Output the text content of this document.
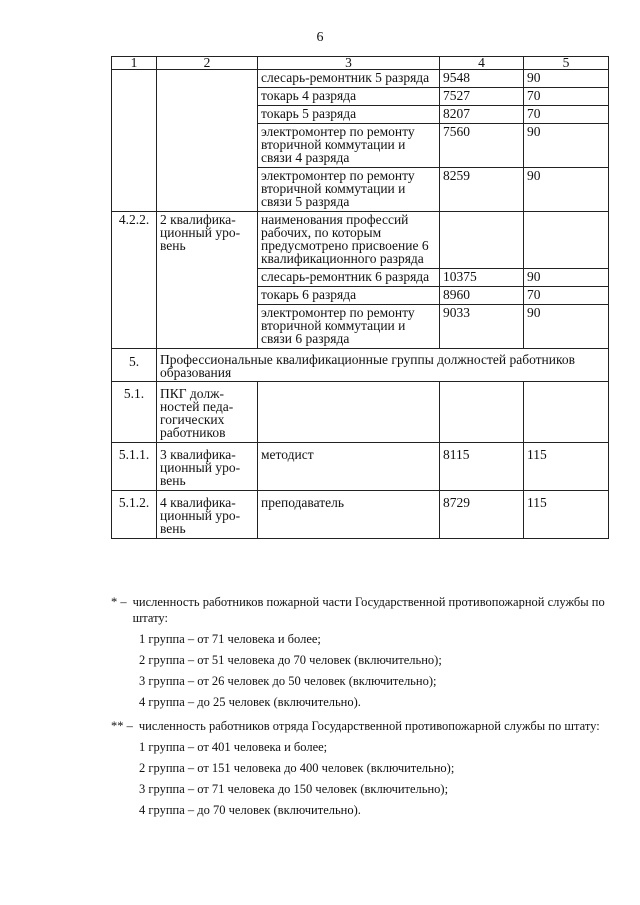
6
1	2	3	4	5
		слесарь-ремонтник 5 разряда	9548	90
		токарь 4 разряда	7527	70
		токарь 5 разряда	8207	70
		электромонтер по ремонту вторичной коммутации и связи 4 разряда	7560	90
		электромонтер по ремонту вторичной коммутации и связи 5 разряда	8259	90
4.2.2.	2 квалифика-ционный уро-вень	наименования профессий рабочих, по которым предусмотрено присвоение 6 квалификационного разряда		
		слесарь-ремонтник 6 разряда	10375	90
		токарь 6 разряда	8960	70
		электромонтер по ремонту вторичной коммутации и связи 6 разряда	9033	90
5.	Профессиональные квалификационные группы должностей работников образования			
5.1.	ПКГ долж-ностей педа-гогических работников			
5.1.1.	3 квалифика-ционный уро-вень	методист	8115	115
5.1.2.	4 квалифика-ционный уро-вень	преподаватель	8729	115
* – численность работников пожарной части Государственной противопожарной службы по штату:
1 группа – от 71 человека и более;
2 группа – от 51 человека до 70 человек (включительно);
3 группа – от 26 человек до 50 человек (включительно);
4 группа – до 25 человек (включительно).
** – численность работников отряда Государственной противопожарной службы по штату:
1 группа – от 401 человека и более;
2 группа – от 151 человека до 400 человек (включительно);
3 группа – от 71 человека до 150 человек (включительно);
4 группа – до 70 человек (включительно).
